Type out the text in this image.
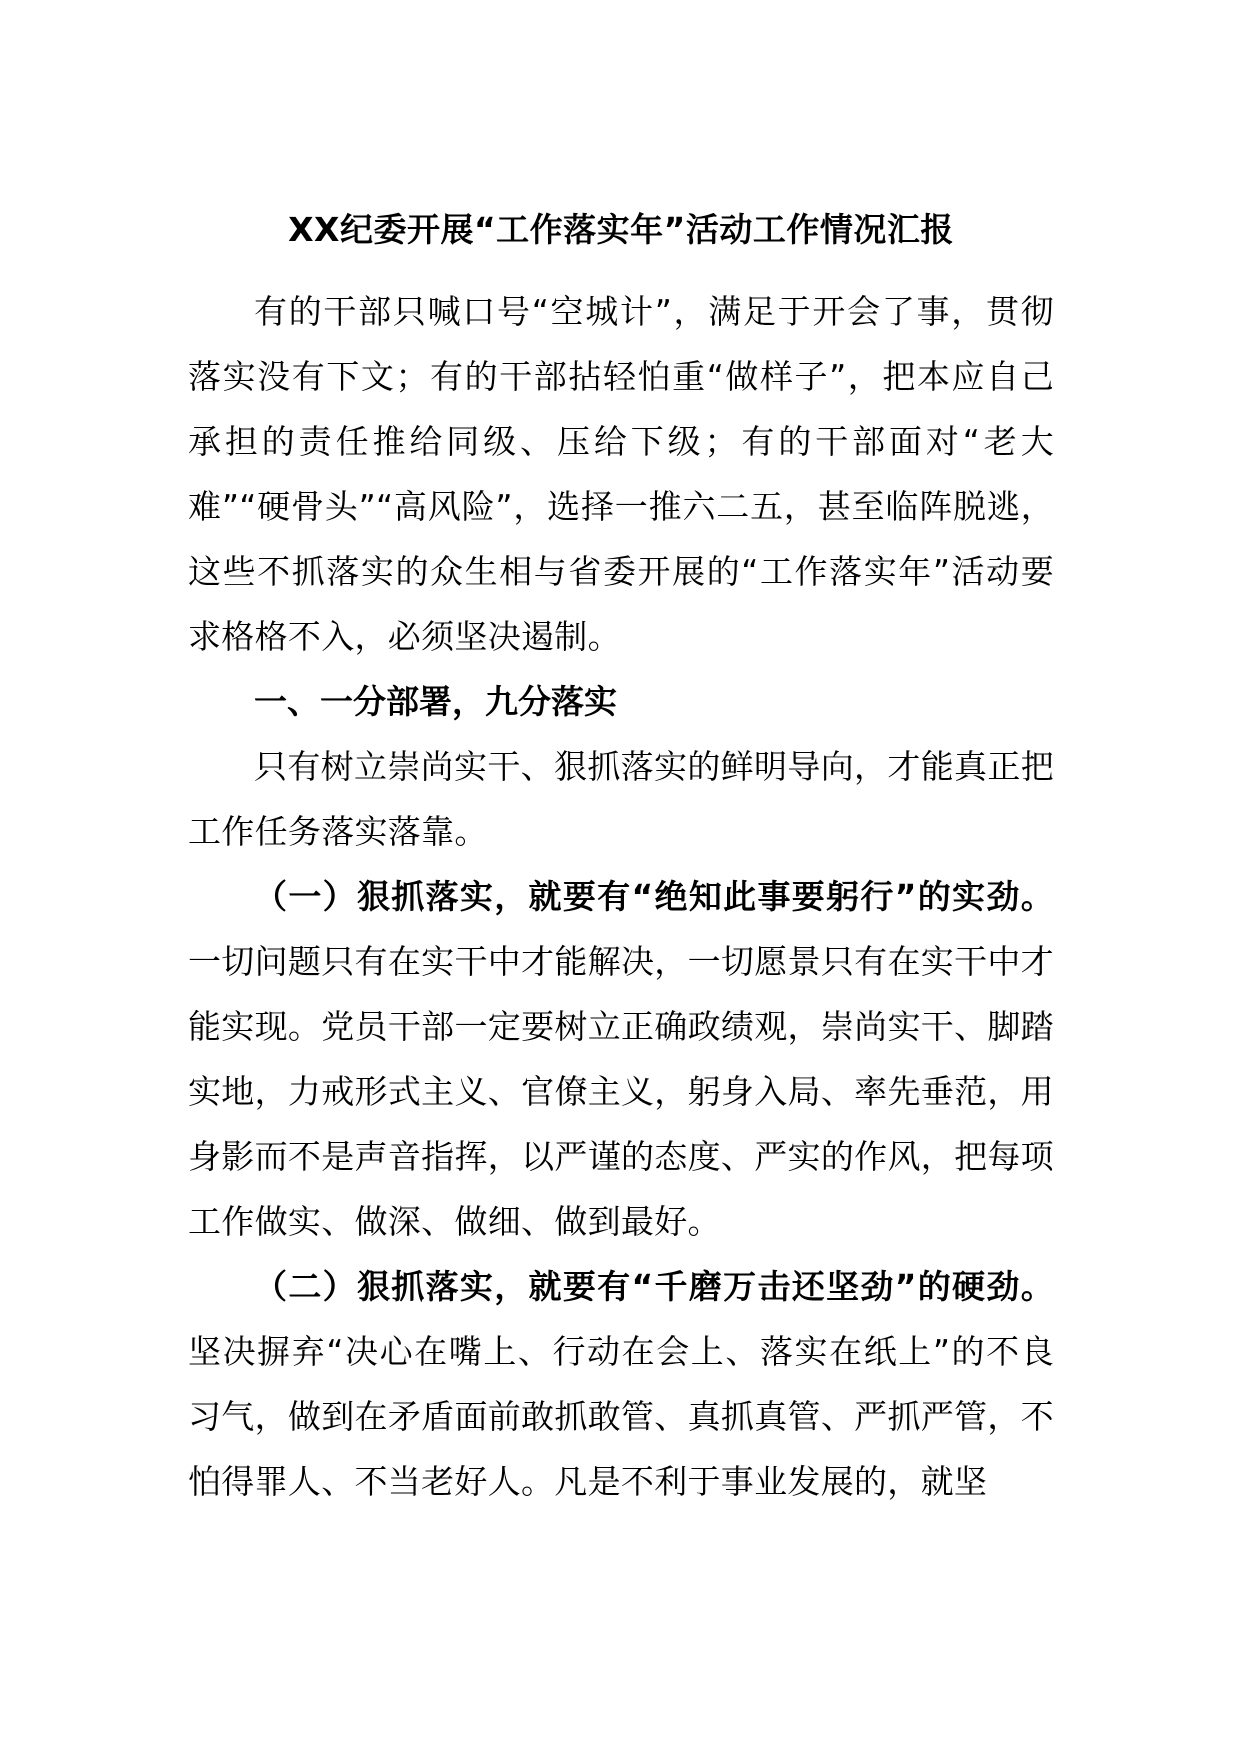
XX纪委开展“工作落实年”活动工作情况汇报

有的干部只喊口号“空城计”，满足于开会了事，贯彻落实没有下文；有的干部拈轻怕重“做样子”，把本应自己承担的责任推给同级、压给下级；有的干部面对“老大难”“硬骨头”“高风险”，选择一推六二五，甚至临阵脱逃，这些不抓落实的众生相与省委开展的“工作落实年”活动要求格格不入，必须坚决遏制。

一、一分部署，九分落实

只有树立崇尚实干、狠抓落实的鲜明导向，才能真正把工作任务落实落靠。

（一）狠抓落实，就要有“绝知此事要躬行”的实劲。一切问题只有在实干中才能解决，一切愿景只有在实干中才能实现。党员干部一定要树立正确政绩观，崇尚实干、脚踏实地，力戒形式主义、官僚主义，躬身入局、率先垂范，用身影而不是声音指挥，以严谨的态度、严实的作风，把每项工作做实、做深、做细、做到最好。

（二）狠抓落实，就要有“千磨万击还坚劲”的硬劲。坚决摒弃“决心在嘴上、行动在会上、落实在纸上”的不良习气，做到在矛盾面前敢抓敢管、真抓真管、严抓严管，不怕得罪人、不当老好人。凡是不利于事业发展的，就坚
